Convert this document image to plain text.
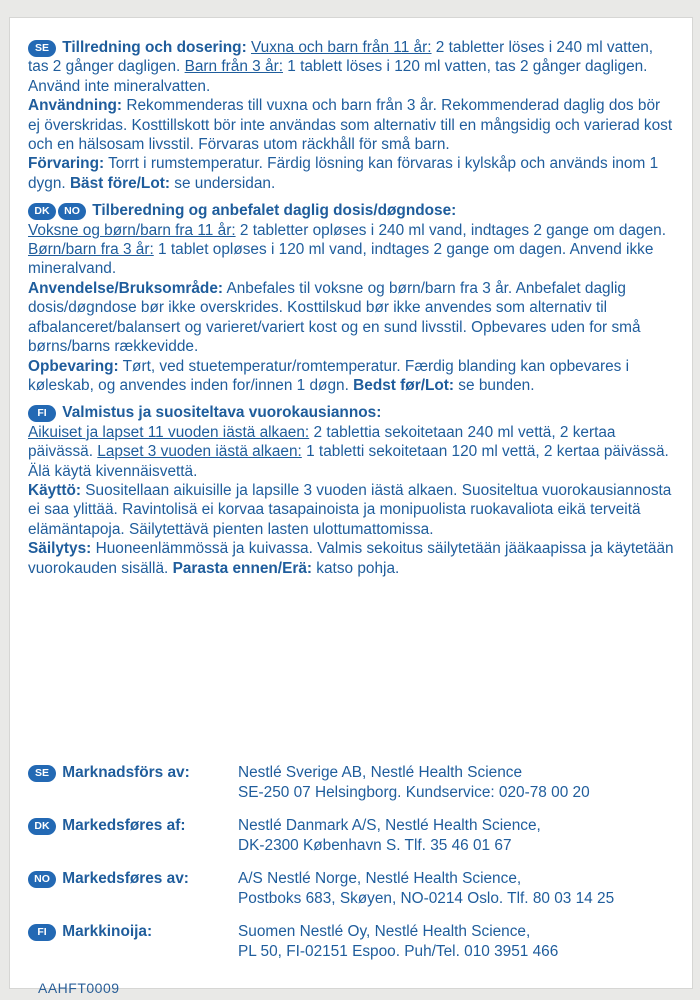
SE Tillredning och dosering: Vuxna och barn från 11 år: 2 tabletter löses i 240 ml vatten, tas 2 gånger dagligen. Barn från 3 år: 1 tablett löses i 120 ml vatten, tas 2 gånger dagligen. Använd inte mineralvatten.
Användning: Rekommenderas till vuxna och barn från 3 år. Rekommenderad daglig dos bör ej överskridas. Kosttillskott bör inte användas som alternativ till en mångsidig och varierad kost och en hälsosam livsstil. Förvaras utom räckhåll för små barn.
Förvaring: Torrt i rumstemperatur. Färdig lösning kan förvaras i kylskåp och används inom 1 dygn. Bäst före/Lot: se undersidan.
DK NO Tilberedning og anbefalet daglig dosis/døgndose:
Voksne og børn/barn fra 11 år: 2 tabletter opløses i 240 ml vand, indtages 2 gange om dagen. Børn/barn fra 3 år: 1 tablet opløses i 120 ml vand, indtages 2 gange om dagen. Anvend ikke mineralvand.
Anvendelse/Bruksområde: Anbefales til voksne og børn/barn fra 3 år. Anbefalet daglig dosis/døgndose bør ikke overskrides. Kosttilskud bør ikke anvendes som alternativ til afbalanceret/balansert og varieret/variert kost og en sund livsstil. Opbevares uden for små børns/barns rækkevidde.
Opbevaring: Tørt, ved stuetemperatur/romtemperatur. Færdig blanding kan opbevares i køleskab, og anvendes inden for/innen 1 døgn. Bedst før/Lot: se bunden.
FI Valmistus ja suositeltava vuorokausiannos:
Aikuiset ja lapset 11 vuoden iästä alkaen: 2 tablettia sekoitetaan 240 ml vettä, 2 kertaa päivässä. Lapset 3 vuoden iästä alkaen: 1 tabletti sekoitetaan 120 ml vettä, 2 kertaa päivässä. Älä käytä kivennäisvettä.
Käyttö: Suositellaan aikuisille ja lapsille 3 vuoden iästä alkaen. Suositeltua vuorokausiannosta ei saa ylittää. Ravintolisä ei korvaa tasapainoista ja monipuolista ruokavaliota eikä terveitä elämäntapoja. Säilytettävä pienten lasten ulottumattomissa.
Säilytys: Huoneenlämmössä ja kuivassa. Valmis sekoitus säilytetään jääkaapissa ja käytetään vuorokauden sisällä. Parasta ennen/Erä: katso pohja.
SE Marknadsförs av:	Nestlé Sverige AB, Nestlé Health Science
SE-250 07 Helsingborg. Kundservice: 020-78 00 20
DK Markedsføres af:	Nestlé Danmark A/S, Nestlé Health Science,
DK-2300 København S. Tlf. 35 46 01 67
NO Markedsføres av:	A/S Nestlé Norge, Nestlé Health Science,
Postboks 683, Skøyen, NO-0214 Oslo. Tlf. 80 03 14 25
FI Markkinoija:	Suomen Nestlé Oy, Nestlé Health Science,
PL 50, FI-02151 Espoo. Puh/Tel. 010 3951 466
AAHFT0009
